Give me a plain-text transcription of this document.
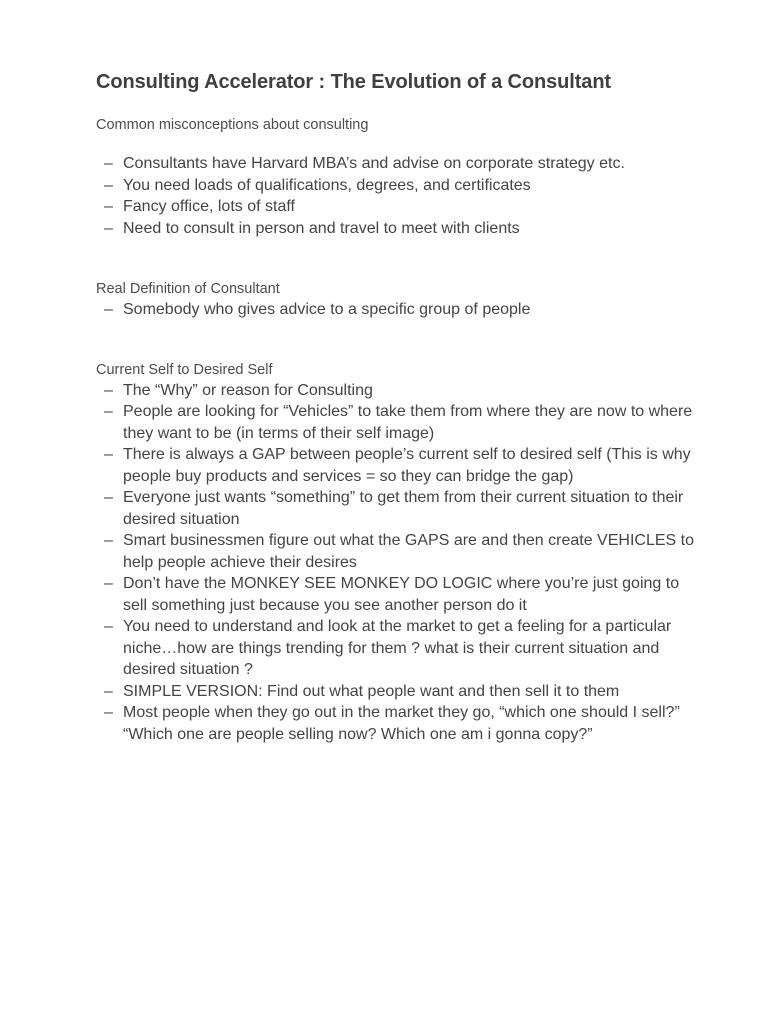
Consulting Accelerator : The Evolution of a Consultant

Common misconceptions about consulting

– Consultants have Harvard MBA’s and advise on corporate strategy etc.
– You need loads of qualifications, degrees, and certificates
– Fancy office, lots of staff
– Need to consult in person and travel to meet with clients

Real Definition of Consultant

– Somebody who gives advice to a specific group of people

Current Self to Desired Self

– The “Why” or reason for Consulting
– People are looking for “Vehicles” to take them from where they are now to where they want to be (in terms of their self image)
– There is always a GAP between people’s current self to desired self (This is why people buy products and services = so they can bridge the gap)
– Everyone just wants “something” to get them from their current situation to their desired situation
– Smart businessmen figure out what the GAPS are and then create VEHICLES to help people achieve their desires
– Don’t have the MONKEY SEE MONKEY DO LOGIC where you’re just going to sell something just because you see another person do it
– You need to understand and look at the market to get a feeling for a particular niche…how are things trending for them ? what is their current situation and desired situation ?
– SIMPLE VERSION: Find out what people want and then sell it to them
– Most people when they go out in the market they go, “which one should I sell?” “Which one are people selling now? Which one am i gonna copy?”
